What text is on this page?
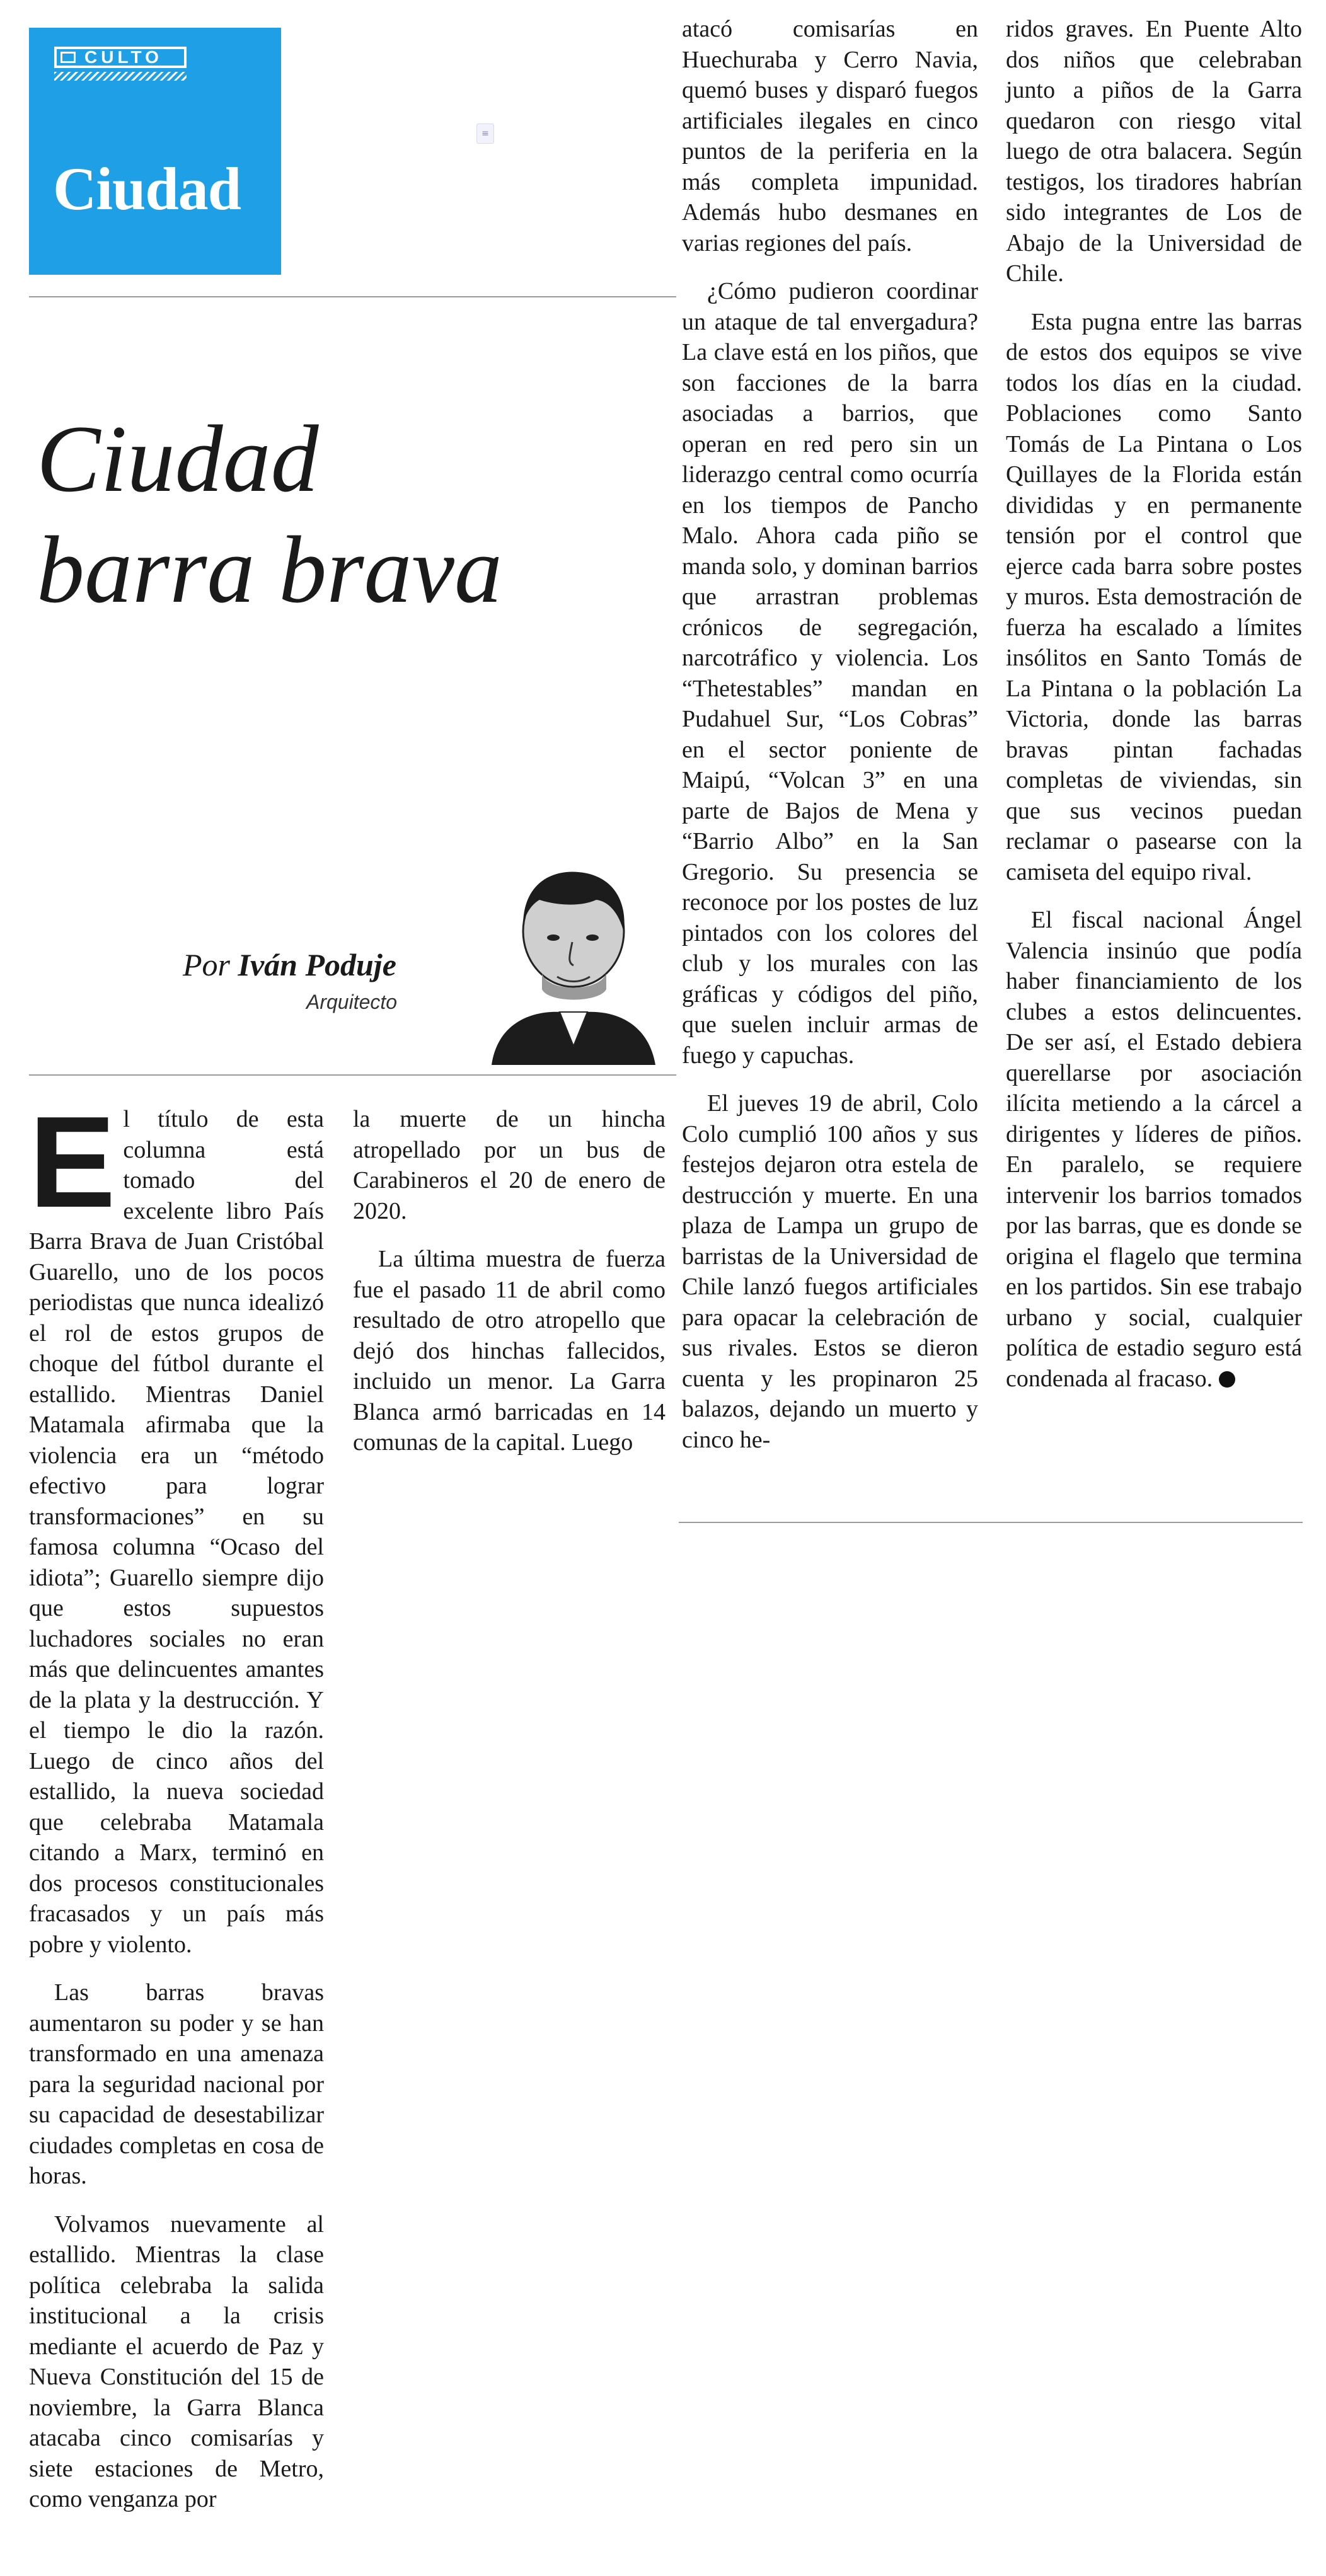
CULTO
Ciudad
≡
Ciudad
barra brava
Por Iván Poduje
Arquitecto

E l título de esta columna está tomado del excelente libro País Barra Brava de Juan Cristóbal Guarello, uno de los pocos periodistas que nunca idealizó el rol de estos grupos de choque del fútbol durante el estallido. Mientras Daniel Matamala afirmaba que la violencia era un “método efectivo para lograr transformaciones” en su famosa columna “Ocaso del idiota”; Guarello siempre dijo que estos supuestos luchadores sociales no eran más que delincuentes amantes de la plata y la destrucción. Y el tiempo le dio la razón. Luego de cinco años del estallido, la nueva sociedad que celebraba Matamala citando a Marx, terminó en dos procesos constitucionales fracasados y un país más pobre y violento.

Las barras bravas aumentaron su poder y se han transformado en una amenaza para la seguridad nacional por su capacidad de desestabilizar ciudades completas en cosa de horas.

Volvamos nuevamente al estallido. Mientras la clase política celebraba la salida institucional a la crisis mediante el acuerdo de Paz y Nueva Constitución del 15 de noviembre, la Garra Blanca atacaba cinco comisarías y siete estaciones de Metro, como venganza por

la muerte de un hincha atropellado por un bus de Carabineros el 20 de enero de 2020.

La última muestra de fuerza fue el pasado 11 de abril como resultado de otro atropello que dejó dos hinchas fallecidos, incluido un menor. La Garra Blanca armó barricadas en 14 comunas de la capital. Luego

atacó comisarías en Huechuraba y Cerro Navia, quemó buses y disparó fuegos artificiales ilegales en cinco puntos de la periferia en la más completa impunidad. Además hubo desmanes en varias regiones del país.

¿Cómo pudieron coordinar un ataque de tal envergadura? La clave está en los piños, que son facciones de la barra asociadas a barrios, que operan en red pero sin un liderazgo central como ocurría en los tiempos de Pancho Malo. Ahora cada piño se manda solo, y dominan barrios que arrastran problemas crónicos de segregación, narcotráfico y violencia. Los “Thetestables” mandan en Pudahuel Sur, “Los Cobras” en el sector poniente de Maipú, “Volcan 3” en una parte de Bajos de Mena y “Barrio Albo” en la San Gregorio. Su presencia se reconoce por los postes de luz pintados con los colores del club y los murales con las gráficas y códigos del piño, que suelen incluir armas de fuego y capuchas.

El jueves 19 de abril, Colo Colo cumplió 100 años y sus festejos dejaron otra estela de destrucción y muerte. En una plaza de Lampa un grupo de barristas de la Universidad de Chile lanzó fuegos artificiales para opacar la celebración de sus rivales. Estos se dieron cuenta y les propinaron 25 balazos, dejando un muerto y cinco he-

ridos graves. En Puente Alto dos niños que celebraban junto a piños de la Garra quedaron con riesgo vital luego de otra balacera. Según testigos, los tiradores habrían sido integrantes de Los de Abajo de la Universidad de Chile.

Esta pugna entre las barras de estos dos equipos se vive todos los días en la ciudad. Poblaciones como Santo Tomás de La Pintana o Los Quillayes de la Florida están divididas y en permanente tensión por el control que ejerce cada barra sobre postes y muros. Esta demostración de fuerza ha escalado a límites insólitos en Santo Tomás de La Pintana o la población La Victoria, donde las barras bravas pintan fachadas completas de viviendas, sin que sus vecinos puedan reclamar o pasearse con la camiseta del equipo rival.

El fiscal nacional Ángel Valencia insinúo que podía haber financiamiento de los clubes a estos delincuentes. De ser así, el Estado debiera querellarse por asociación ilícita metiendo a la cárcel a dirigentes y líderes de piños. En paralelo, se requiere intervenir los barrios tomados por las barras, que es donde se origina el flagelo que termina en los partidos. Sin ese trabajo urbano y social, cualquier política de estadio seguro está condenada al fracaso.
